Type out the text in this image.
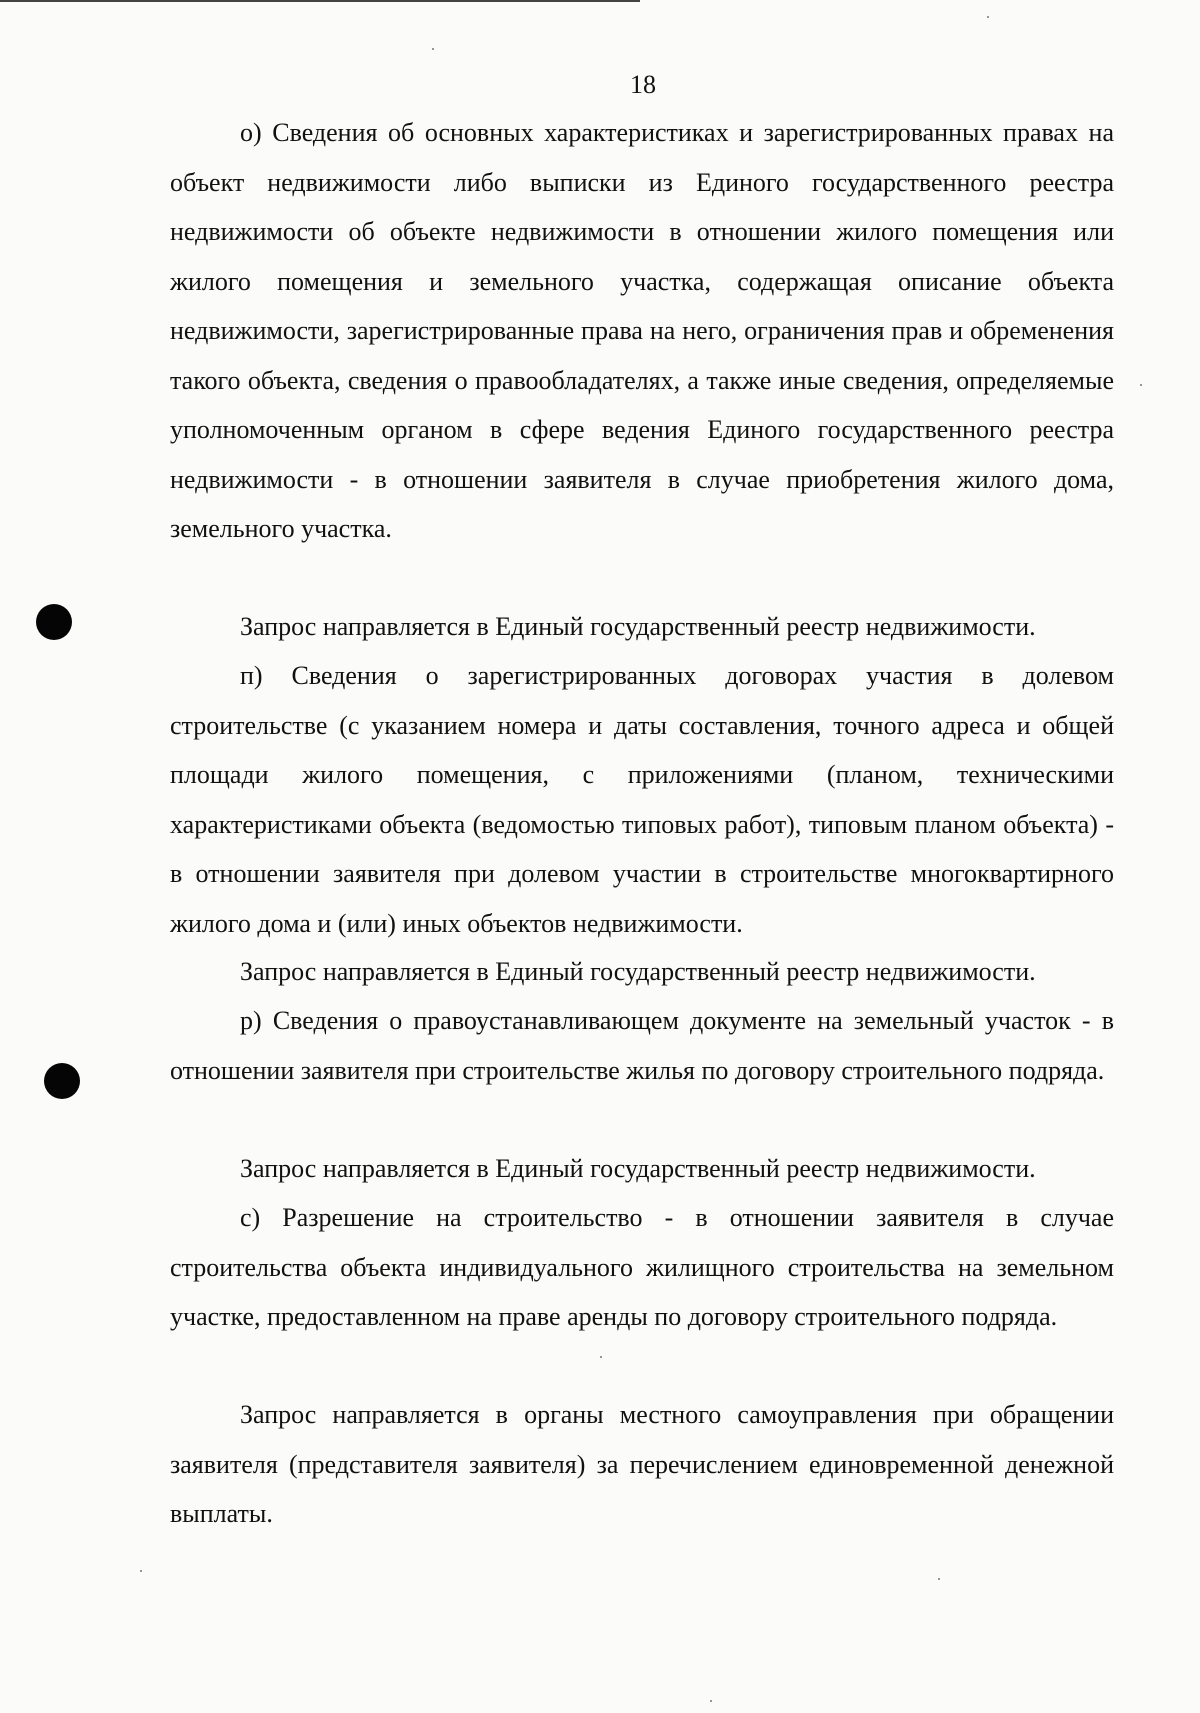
18

о) Сведения об основных характеристиках и зарегистрированных правах на объект недвижимости либо выписки из Единого государственного реестра недвижимости об объекте недвижимости в отношении жилого помещения или жилого помещения и земельного участка, содержащая описание объекта недвижимости, зарегистрированные права на него, ограничения прав и обременения такого объекта, сведения о правообладателях, а также иные сведения, определяемые уполномоченным органом в сфере ведения Единого государственного реестра недвижимости - в отношении заявителя в случае приобретения жилого дома, земельного участка.

Запрос направляется в Единый государственный реестр недвижимости.

п) Сведения о зарегистрированных договорах участия в долевом строительстве (с указанием номера и даты составления, точного адреса и общей площади жилого помещения, с приложениями (планом, техническими характеристиками объекта (ведомостью типовых работ), типовым планом объекта) - в отношении заявителя при долевом участии в строительстве многоквартирного жилого дома и (или) иных объектов недвижимости.

Запрос направляется в Единый государственный реестр недвижимости.

р) Сведения о правоустанавливающем документе на земельный участок - в отношении заявителя при строительстве жилья по договору строительного подряда.

Запрос направляется в Единый государственный реестр недвижимости.

с) Разрешение на строительство - в отношении заявителя в случае строительства объекта индивидуального жилищного строительства на земельном участке, предоставленном на праве аренды по договору строительного подряда.

Запрос направляется в органы местного самоуправления при обращении заявителя (представителя заявителя) за перечислением единовременной денежной выплаты.
